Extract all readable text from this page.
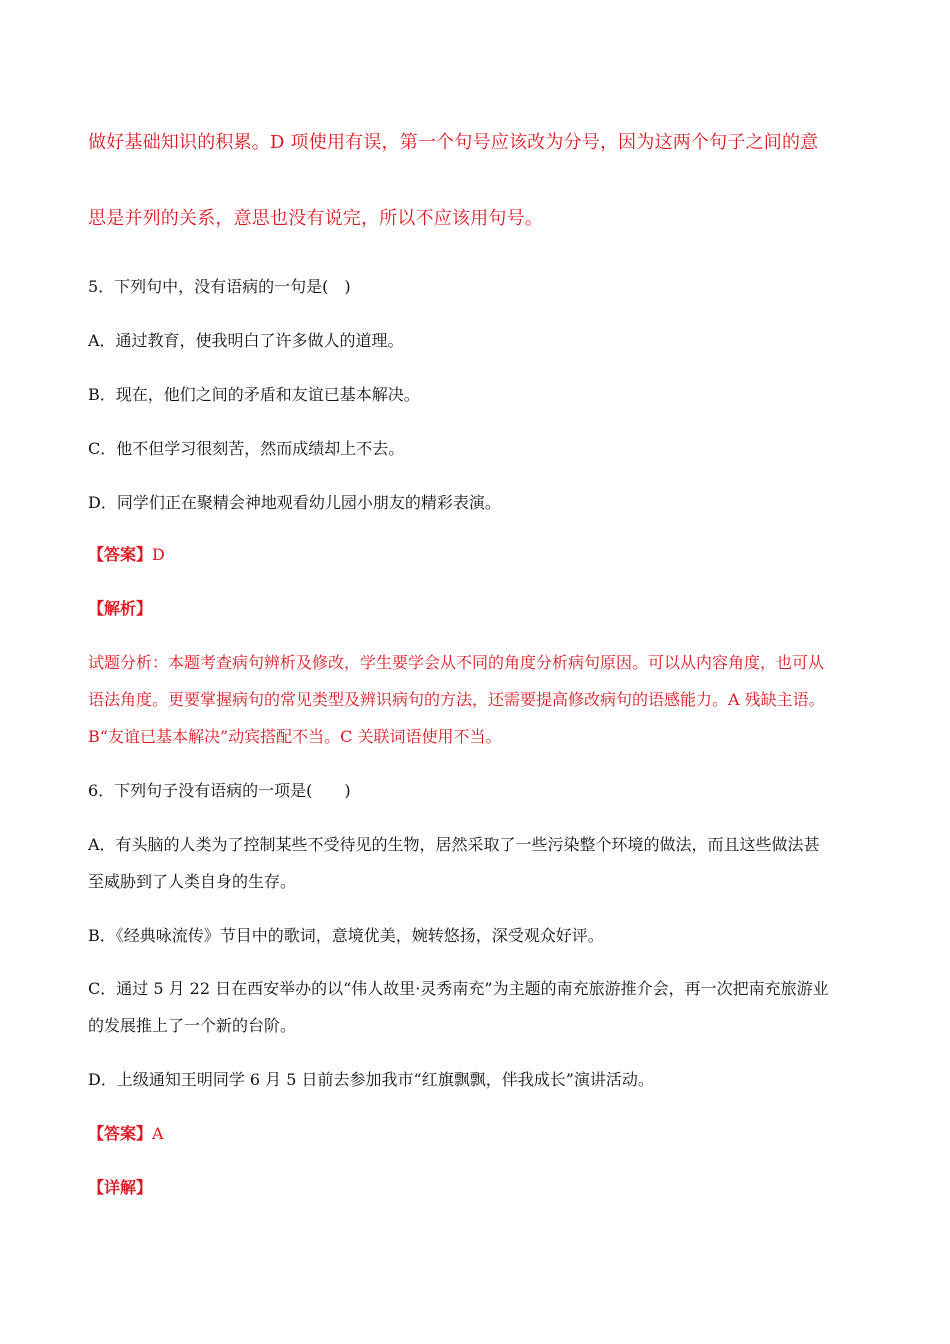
做好基础知识的积累。D 项使用有误，第一个句号应该改为分号，因为这两个句子之间的意
思是并列的关系，意思也没有说完，所以不应该用句号。
5．下列句中，没有语病的一句是(　)
A．通过教育，使我明白了许多做人的道理。
B．现在，他们之间的矛盾和友谊已基本解决。
C．他不但学习很刻苦，然而成绩却上不去。
D．同学们正在聚精会神地观看幼儿园小朋友的精彩表演。
【答案】D
【解析】
试题分析：本题考查病句辨析及修改，学生要学会从不同的角度分析病句原因。可以从内容角度，也可从
语法角度。更要掌握病句的常见类型及辨识病句的方法，还需要提高修改病句的语感能力。A 残缺主语。
B“友谊已基本解决”动宾搭配不当。C 关联词语使用不当。
6．下列句子没有语病的一项是(　　)
A．有头脑的人类为了控制某些不受待见的生物，居然采取了一些污染整个环境的做法，而且这些做法甚
至威胁到了人类自身的生存。
B．《经典咏流传》节目中的歌词，意境优美，婉转悠扬，深受观众好评。
C．通过 5 月 22 日在西安举办的以“伟人故里·灵秀南充”为主题的南充旅游推介会，再一次把南充旅游业
的发展推上了一个新的台阶。
D．上级通知王明同学 6 月 5 日前去参加我市“红旗飘飘，伴我成长”演讲活动。
【答案】A
【详解】
